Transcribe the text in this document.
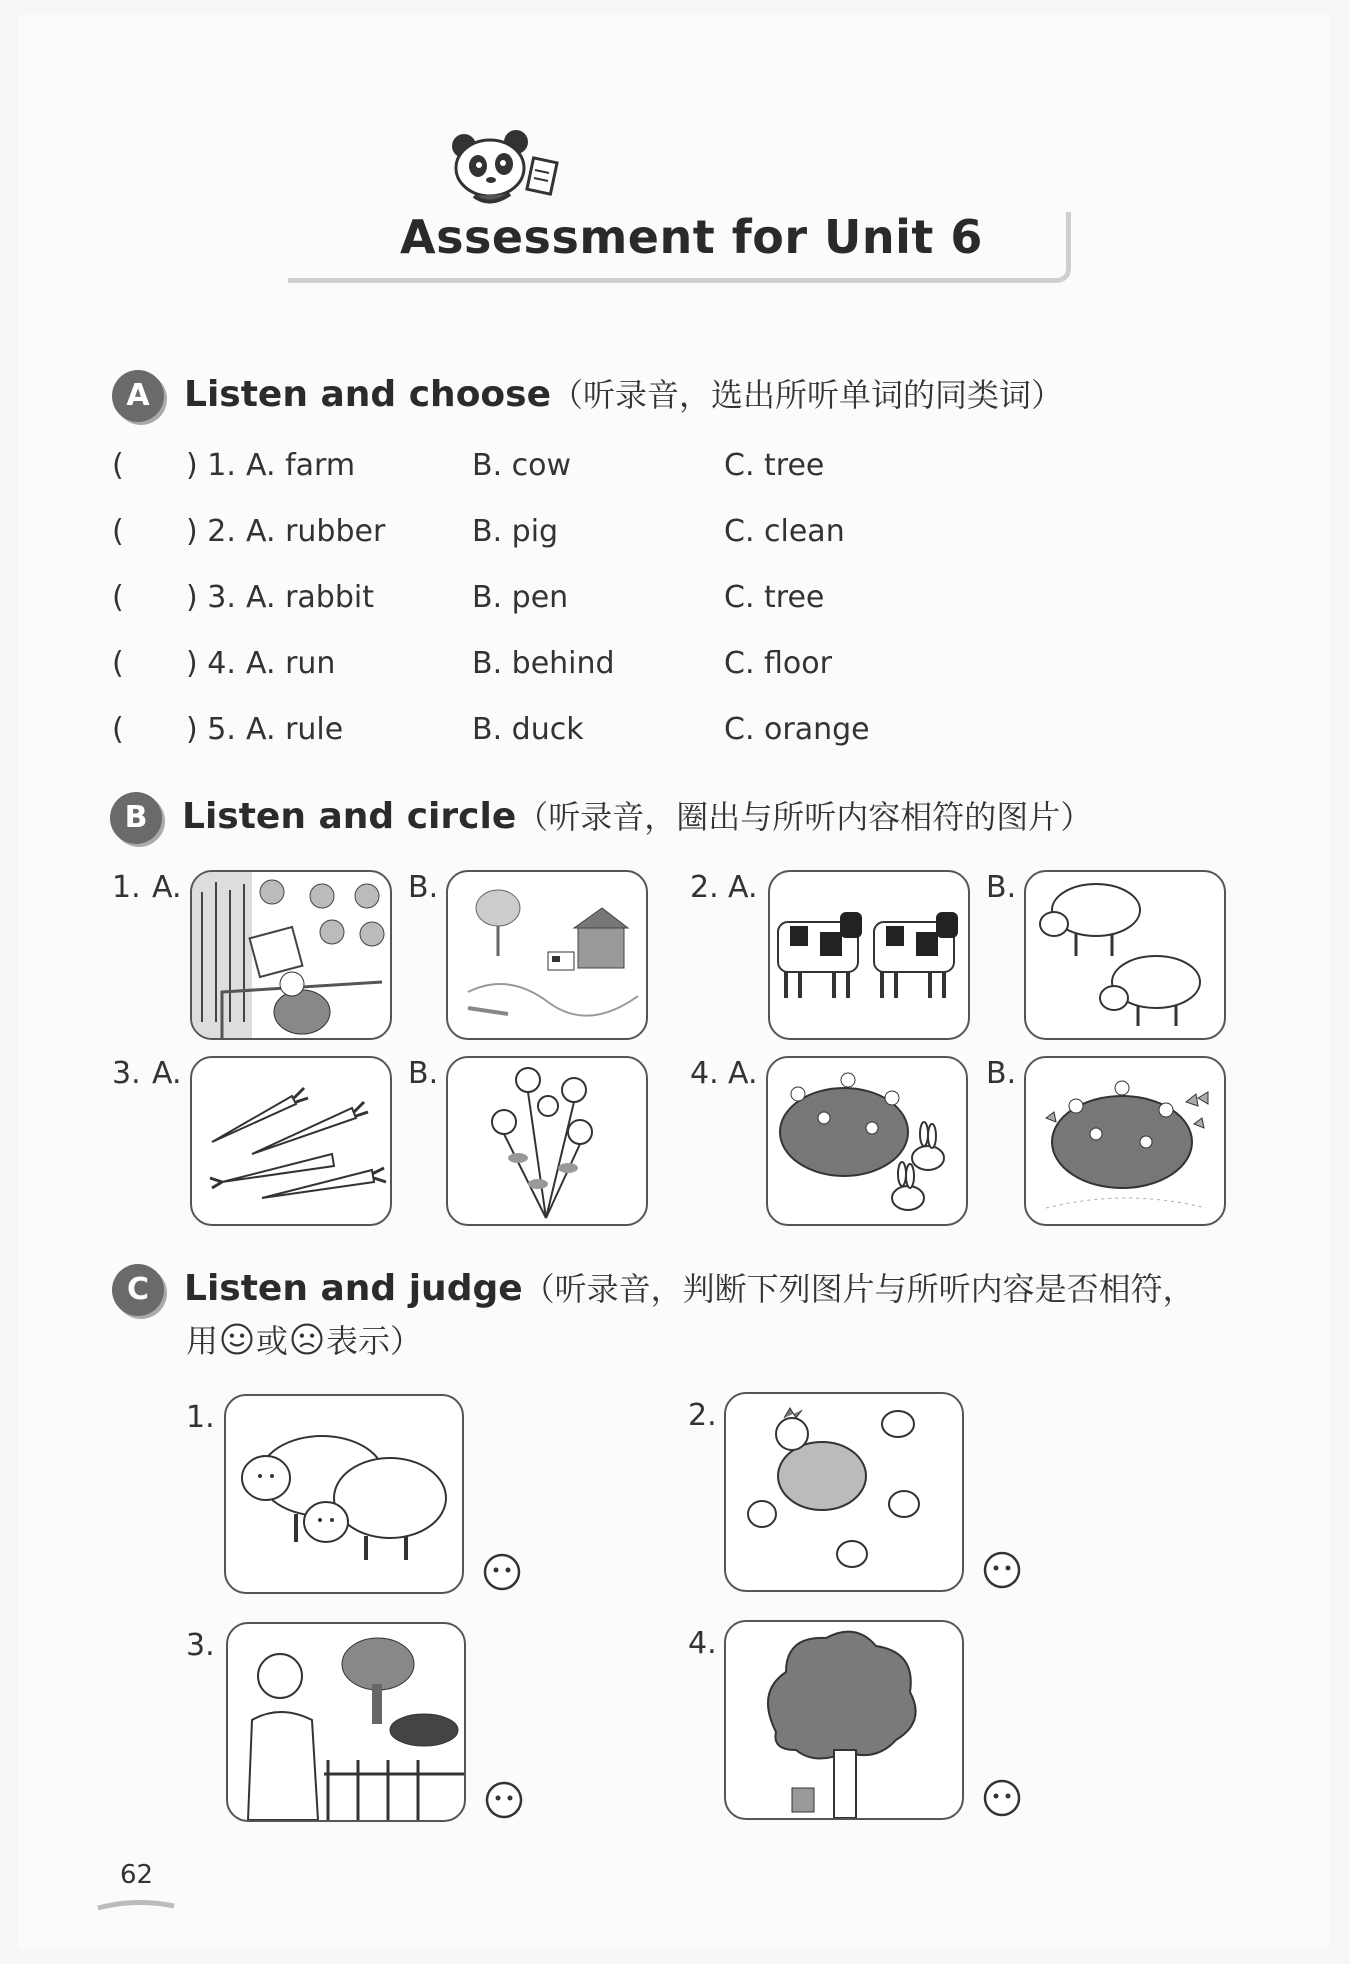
Assessment for Unit 6
A Listen and choose（听录音，选出所听单词的同类词）
( ) 1. A. farm	B. cow	C. tree
( ) 2. A. rubber	B. pig	C. clean
( ) 3. A. rabbit	B. pen	C. tree
( ) 4. A. run	B. behind	C. floor
( ) 5. A. rule	B. duck	C. orange
B Listen and circle（听录音，圈出与所听内容相符的图片）
1. A.	B.	2. A.	B.
3. A.	B.	4. A.	B.
C Listen and judge（听录音，判断下列图片与所听内容是否相符，
用 或 表示）
1.	2.
3.	4.
62
